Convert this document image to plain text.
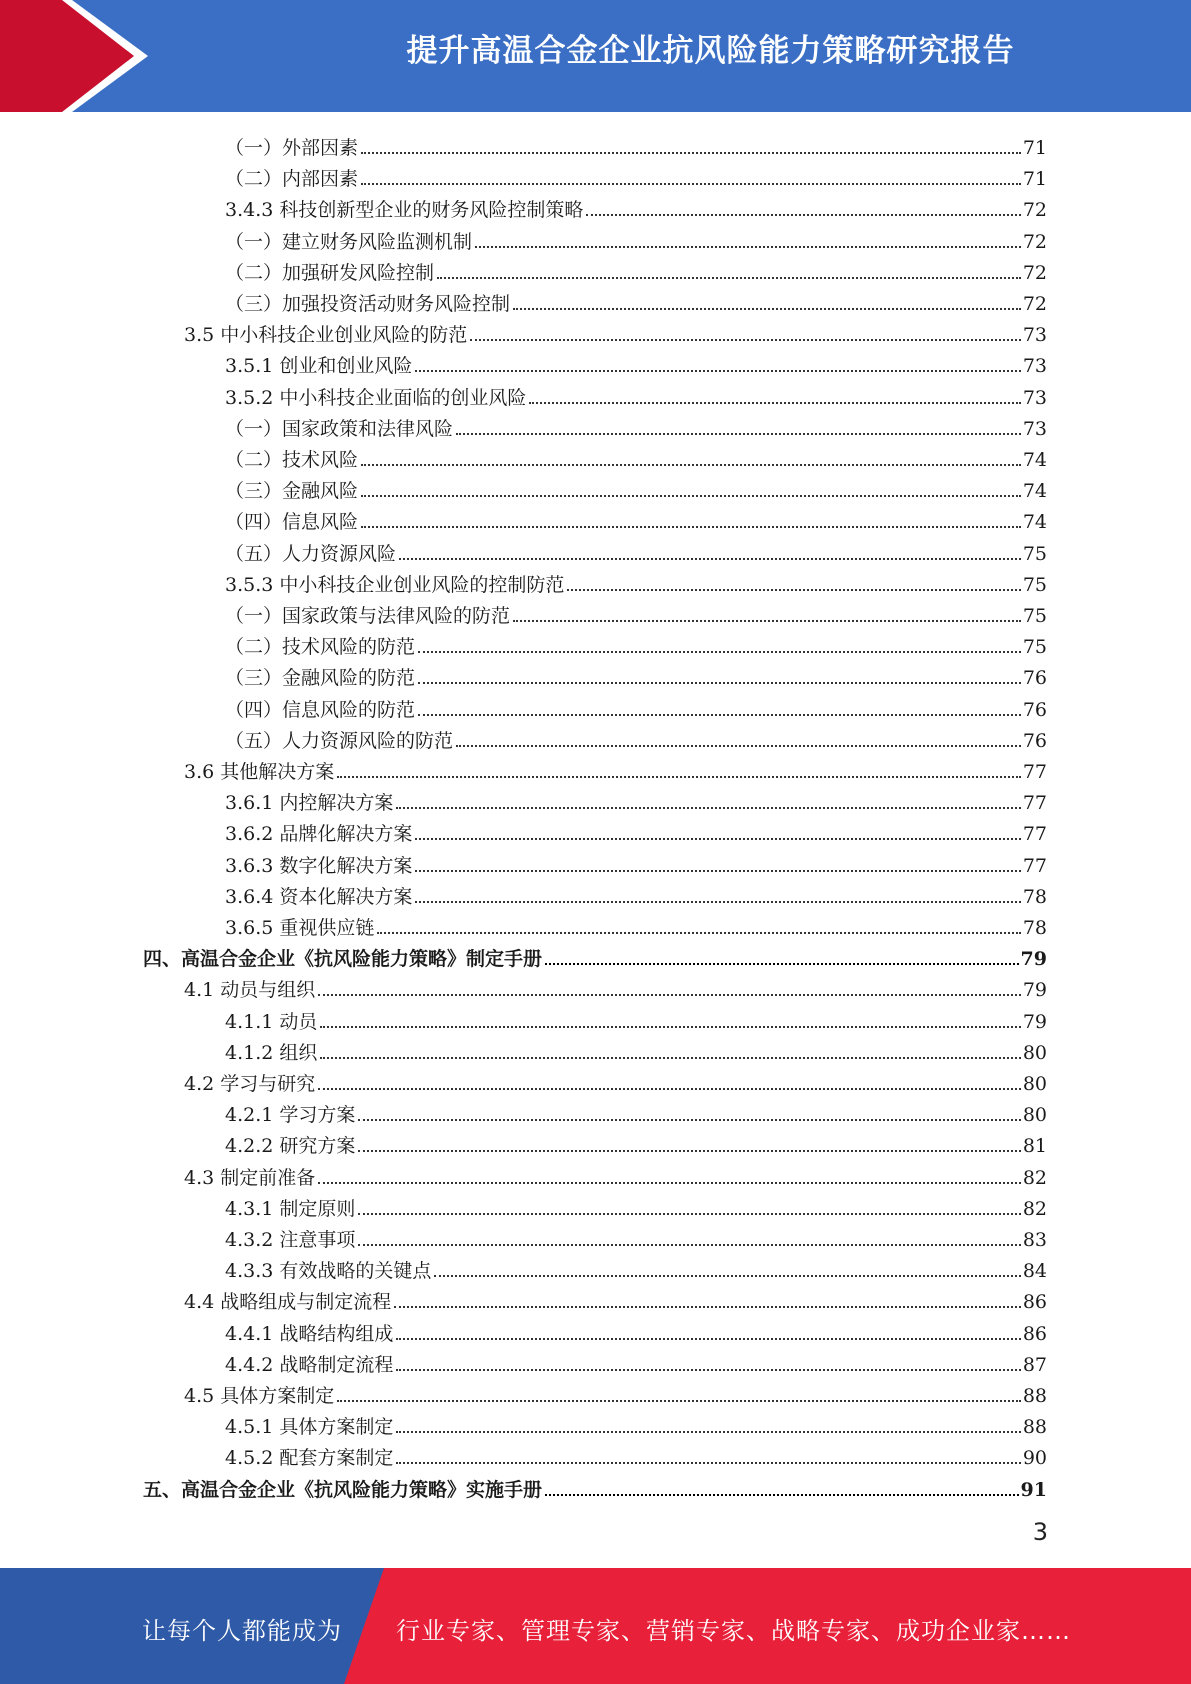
提升高温合金企业抗风险能力策略研究报告
（一）外部因素	71
（二）内部因素	71
3.4.3 科技创新型企业的财务风险控制策略	72
（一）建立财务风险监测机制	72
（二）加强研发风险控制	72
（三）加强投资活动财务风险控制	72
3.5 中小科技企业创业风险的防范	73
3.5.1 创业和创业风险	73
3.5.2 中小科技企业面临的创业风险	73
（一）国家政策和法律风险	73
（二）技术风险	74
（三）金融风险	74
（四）信息风险	74
（五）人力资源风险	75
3.5.3 中小科技企业创业风险的控制防范	75
（一）国家政策与法律风险的防范	75
（二）技术风险的防范	75
（三）金融风险的防范	76
（四）信息风险的防范	76
（五）人力资源风险的防范	76
3.6 其他解决方案	77
3.6.1 内控解决方案	77
3.6.2 品牌化解决方案	77
3.6.3 数字化解决方案	77
3.6.4 资本化解决方案	78
3.6.5 重视供应链	78
四、高温合金企业《抗风险能力策略》制定手册	79
4.1 动员与组织	79
4.1.1 动员	79
4.1.2 组织	80
4.2 学习与研究	80
4.2.1 学习方案	80
4.2.2 研究方案	81
4.3 制定前准备	82
4.3.1 制定原则	82
4.3.2 注意事项	83
4.3.3 有效战略的关键点	84
4.4 战略组成与制定流程	86
4.4.1 战略结构组成	86
4.4.2 战略制定流程	87
4.5 具体方案制定	88
4.5.1 具体方案制定	88
4.5.2 配套方案制定	90
五、高温合金企业《抗风险能力策略》实施手册	91
3
让每个人都能成为 行业专家、管理专家、营销专家、战略专家、成功企业家……
